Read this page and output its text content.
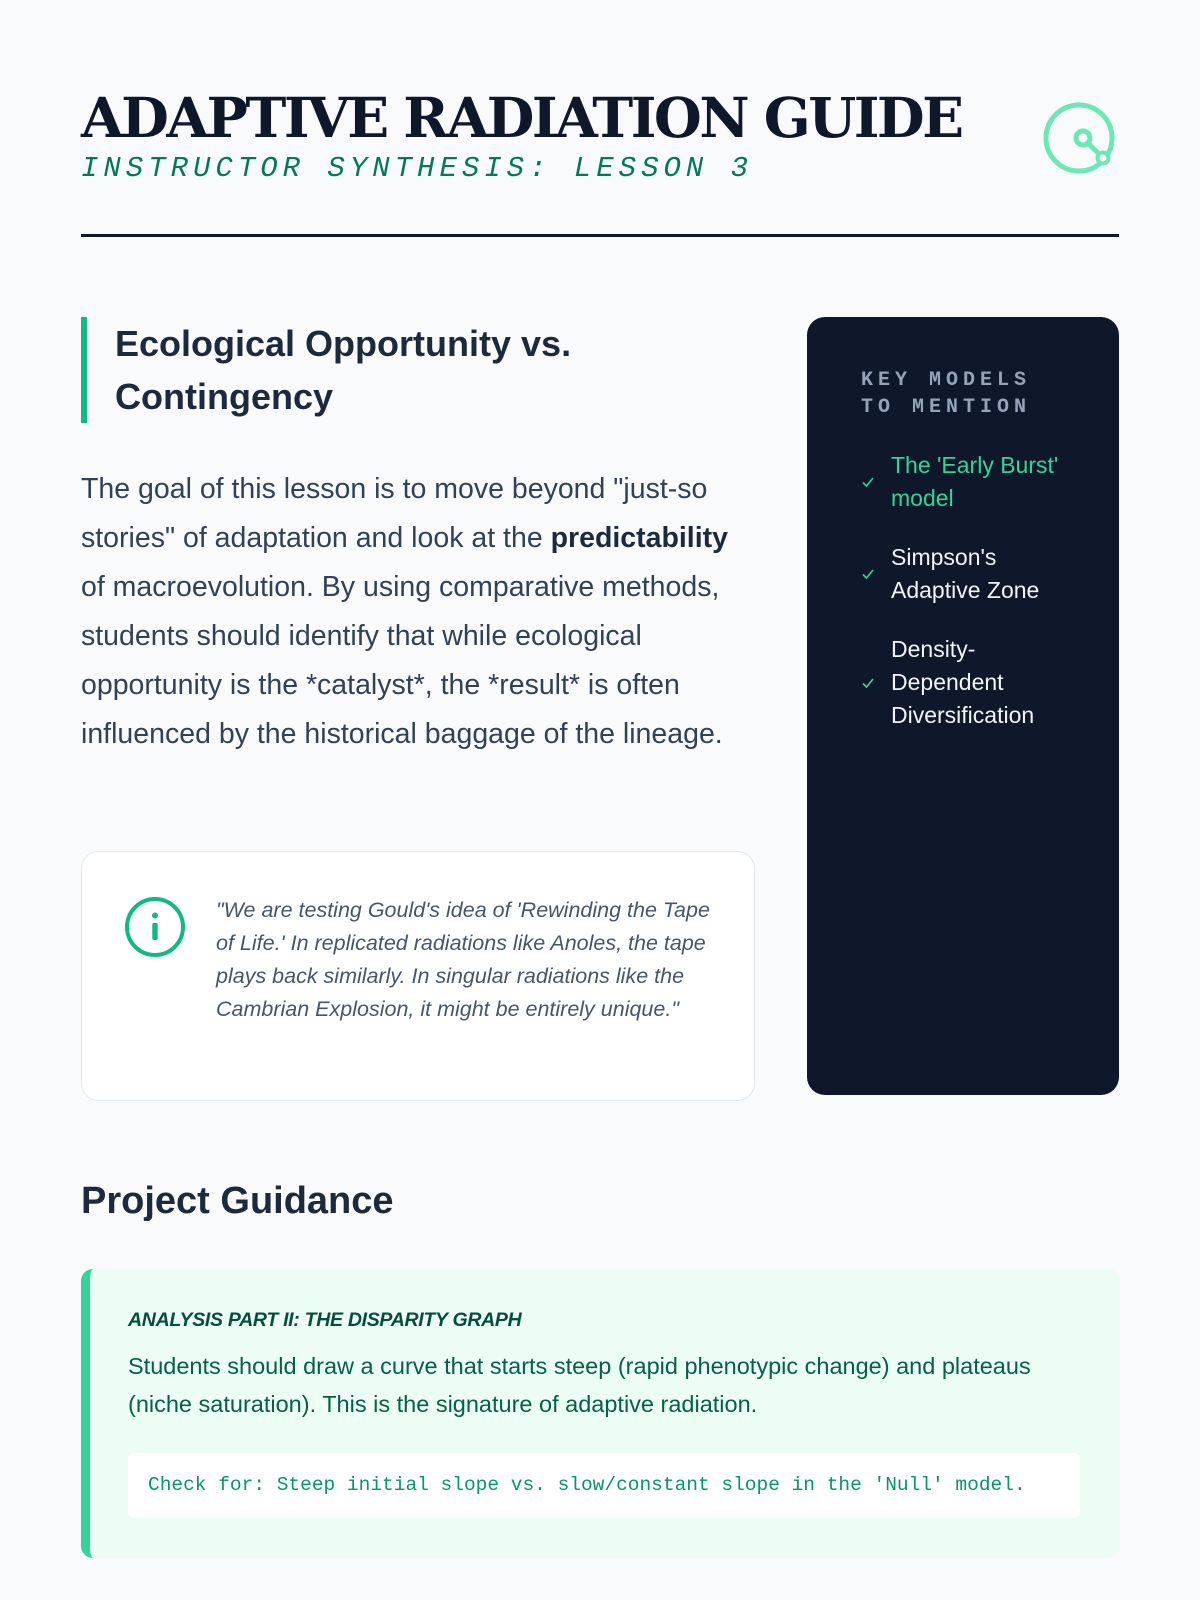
ADAPTIVE RADIATION GUIDE
INSTRUCTOR SYNTHESIS: LESSON 3
Ecological Opportunity vs. Contingency

The goal of this lesson is to move beyond "just-so stories" of adaptation and look at the predictability of macroevolution. By using comparative methods, students should identify that while ecological opportunity is the *catalyst*, the *result* is often influenced by the historical baggage of the lineage.

"We are testing Gould's idea of 'Rewinding the Tape of Life.' In replicated radiations like Anoles, the tape plays back similarly. In singular radiations like the Cambrian Explosion, it might be entirely unique."

KEY MODELS TO MENTION
The 'Early Burst' model
Simpson's Adaptive Zone
Density-Dependent Diversification
Project Guidance
ANALYSIS PART II: THE DISPARITY GRAPH

Students should draw a curve that starts steep (rapid phenotypic change) and plateaus (niche saturation). This is the signature of adaptive radiation.

Check for: Steep initial slope vs. slow/constant slope in the 'Null' model.
